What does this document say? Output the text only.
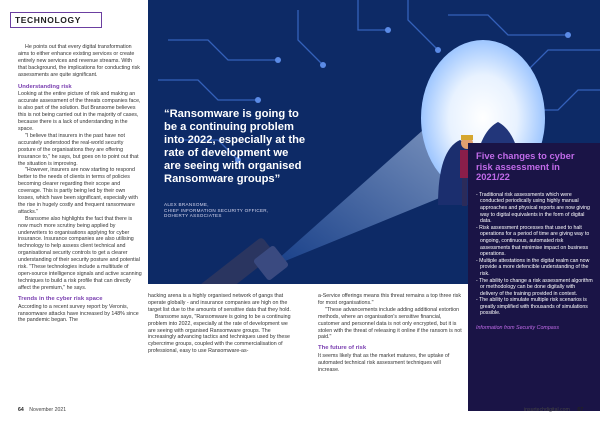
TECHNOLOGY

He points out that every digital transformation aims to either enhance existing services or create entirely new services and revenue streams. With that background, the implications for conducting risk assessments are quite significant.

Understanding risk

Looking at the entire picture of risk and making an accurate assessment of the threats companies face, is also part of the solution. But Bransome believes this is not being carried out in the majority of cases, because there is a lack of understanding in the space.

"I believe that insurers in the past have not accurately understood the real-world security posture of the organisations they are offering insurance to," he says, but goes on to point out that the situation is improving.

"However, insurers are now starting to respond better to the needs of clients in terms of policies becoming clearer regarding their scope and coverage. This is partly being led by their own losses, which have been significant, especially with the rise in hugely costly and frequent ransomware attacks."

Bransome also highlights the fact that there is now much more scrutiny being applied by underwriters to organisations applying for cyber insurance. Insurance companies are also utilising technology to help assess client technical and organisational security controls to get a clearer understanding of their security posture and potential risk. "These technologies include a multitude of open-source intelligence signals and active scanning techniques to build a risk profile that can directly affect the premium," he says.

Trends in the cyber risk space

According to a recent survey report by Veronis, ransomware attacks have increased by 148% since the pandemic began. The

“Ransomware is going to be a continuing problem into 2022, especially at the rate of development we are seeing with organised Ransomware groups”
ALEX BRANSOME,
CHIEF INFORMATION SECURITY OFFICER,
DOHERTY ASSOCIATES
Five changes to cyber risk assessment in 2021/22
- Traditional risk assessments which were conducted periodically using highly manual approaches and physical reports are now giving way to digital equivalents in the form of digital data.
- Risk assessment processes that used to halt operations for a period of time are giving way to ongoing, continuous, automated risk assessments that minimise impact on business operations.
- Multiple attestations in the digital realm can now provide a more defencible understanding of the risk.
- The ability to change a risk assessment algorithm or methodology can be done digitally with delivery of the training provided in context.
- The ability to simulate multiple risk scenarios is greatly simplified with thousands of simulations possible.
Information from Security Compass

hacking arena is a highly organised network of gangs that operate globally - and insurance companies are high on the target list due to the amounts of sensitive data that they hold.

Bransome says, "Ransomware is going to be a continuing problem into 2022, especially at the rate of development we are seeing with organised Ransomware groups. The increasingly advancing tactics and techniques used by these cybercrime groups, coupled with the commercialisation of professional, easy to use Ransomware-as-

a-Service offerings means this threat remains a top three risk for most organisations."

"These advancements include adding additional extortion methods, where an organisation's sensitive financial, customer and personnel data is not only encrypted, but it is stolen with the threat of releasing it online if the ransom is not paid."

The future of risk

It seems likely that as the market matures, the uptake of automated technical risk assessment techniques will increase.

64 November 2021	insurtechdigital.com 67
